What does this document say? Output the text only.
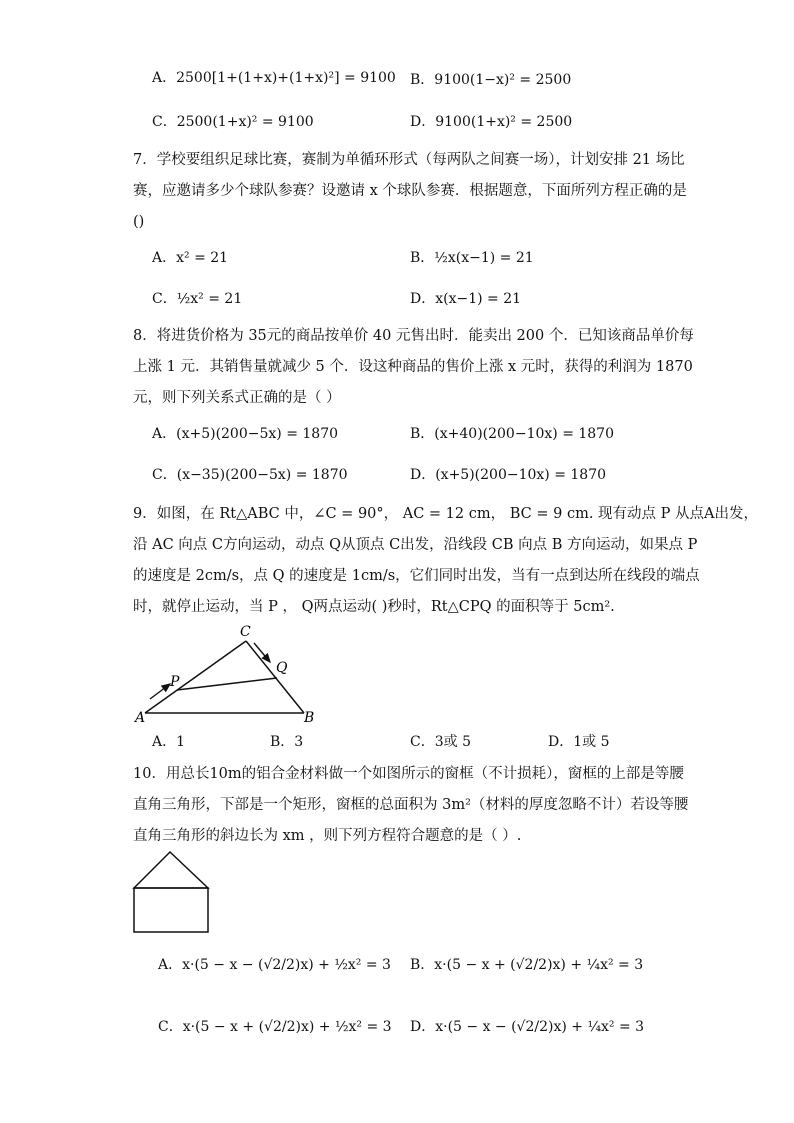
A．2500[1+(1+x)+(1+x)²] = 9100 B．9100(1−x)² = 2500
C．2500(1+x)² = 9100	D．9100(1+x)² = 2500
7．学校要组织足球比赛，赛制为单循环形式（每两队之间赛一场），计划安排 21 场比
赛，应邀请多少个球队参赛？设邀请 x 个球队参赛．根据题意，下面所列方程正确的是
()
A．x² = 21	B．½x(x−1) = 21
C．½x² = 21	D．x(x−1) = 21
8．将进货价格为 35元的商品按单价 40 元售出时．能卖出 200 个．已知该商品单价每
上涨 1 元．其销售量就减少 5 个．设这种商品的售价上涨 x 元时，获得的利润为 1870
元，则下列关系式正确的是（ ）
A．(x+5)(200−5x) = 1870	B．(x+40)(200−10x) = 1870
C．(x−35)(200−5x) = 1870	D．(x+5)(200−10x) = 1870
9．如图，在 Rt△ABC 中，∠C = 90°， AC = 12 cm， BC = 9 cm. 现有动点 P 从点A出发，
沿 AC 向点 C方向运动，动点 Q从顶点 C出发，沿线段 CB 向点 B 方向运动，如果点 P
的速度是 2cm/s，点 Q 的速度是 1cm/s，它们同时出发，当有一点到达所在线段的端点
时，就停止运动，当 P ， Q两点运动( )秒时，Rt△CPQ 的面积等于 5cm².
C
A	B
P
Q
A．1	B．3	C．3或 5	D．1或 5
10．用总长10m的铝合金材料做一个如图所示的窗框（不计损耗），窗框的上部是等腰
直角三角形，下部是一个矩形，窗框的总面积为 3m²（材料的厚度忽略不计）若设等腰
直角三角形的斜边长为 xm ，则下列方程符合题意的是（ ）.
A．x·(5 − x − (√2/2)x) + ½x² = 3 B．x·(5 − x + (√2/2)x) + ¼x² = 3
C．x·(5 − x + (√2/2)x) + ½x² = 3 D．x·(5 − x − (√2/2)x) + ¼x² = 3
